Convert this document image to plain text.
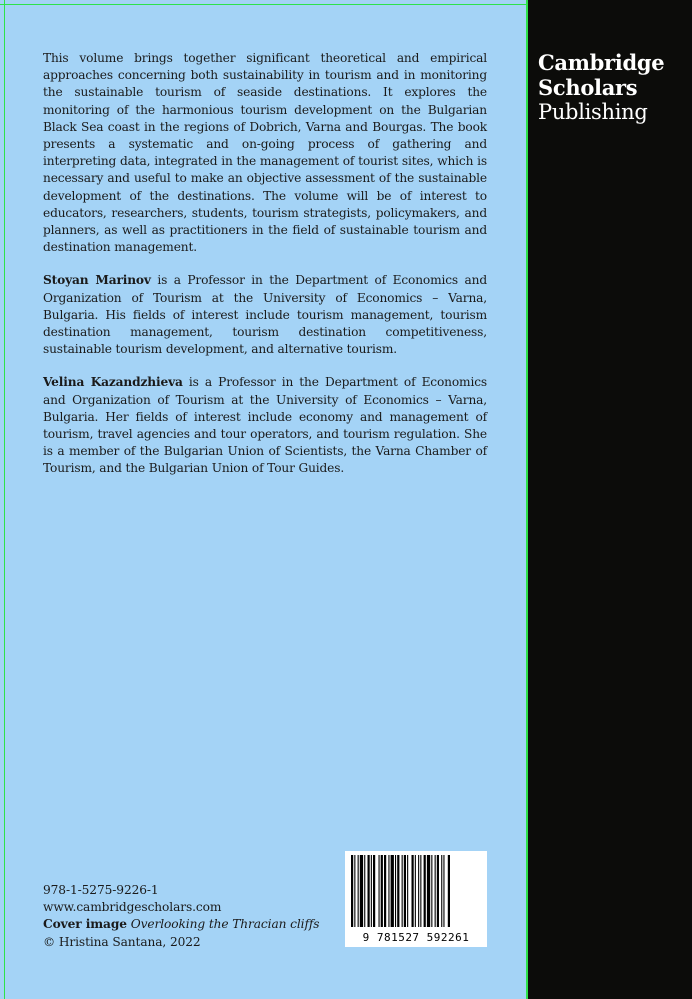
Cambridge
Scholars
Publishing

This volume brings together significant theoretical and empirical approaches concerning both sustainability in tourism and in monitoring the sustainable tourism of seaside destinations. It explores the monitoring of the harmonious tourism development on the Bulgarian Black Sea coast in the regions of Dobrich, Varna and Bourgas. The book presents a systematic and on-going process of gathering and interpreting data, integrated in the management of tourist sites, which is necessary and useful to make an objective assessment of the sustainable development of the destinations. The volume will be of interest to educators, researchers, students, tourism strategists, policymakers, and planners, as well as practitioners in the field of sustainable tourism and destination management.

Stoyan Marinov is a Professor in the Department of Economics and Organization of Tourism at the University of Economics – Varna, Bulgaria. His fields of interest include tourism management, tourism destination management, tourism destination competitiveness, sustainable tourism development, and alternative tourism.

Velina Kazandzhieva is a Professor in the Department of Economics and Organization of Tourism at the University of Economics – Varna, Bulgaria. Her fields of interest include economy and management of tourism, travel agencies and tour operators, and tourism regulation. She is a member of the Bulgarian Union of Scientists, the Varna Chamber of Tourism, and the Bulgarian Union of Tour Guides.

978-1-5275-9226-1
www.cambridgescholars.com
Cover image Overlooking the Thracian cliffs
© Hristina Santana, 2022	9 781527 592261
